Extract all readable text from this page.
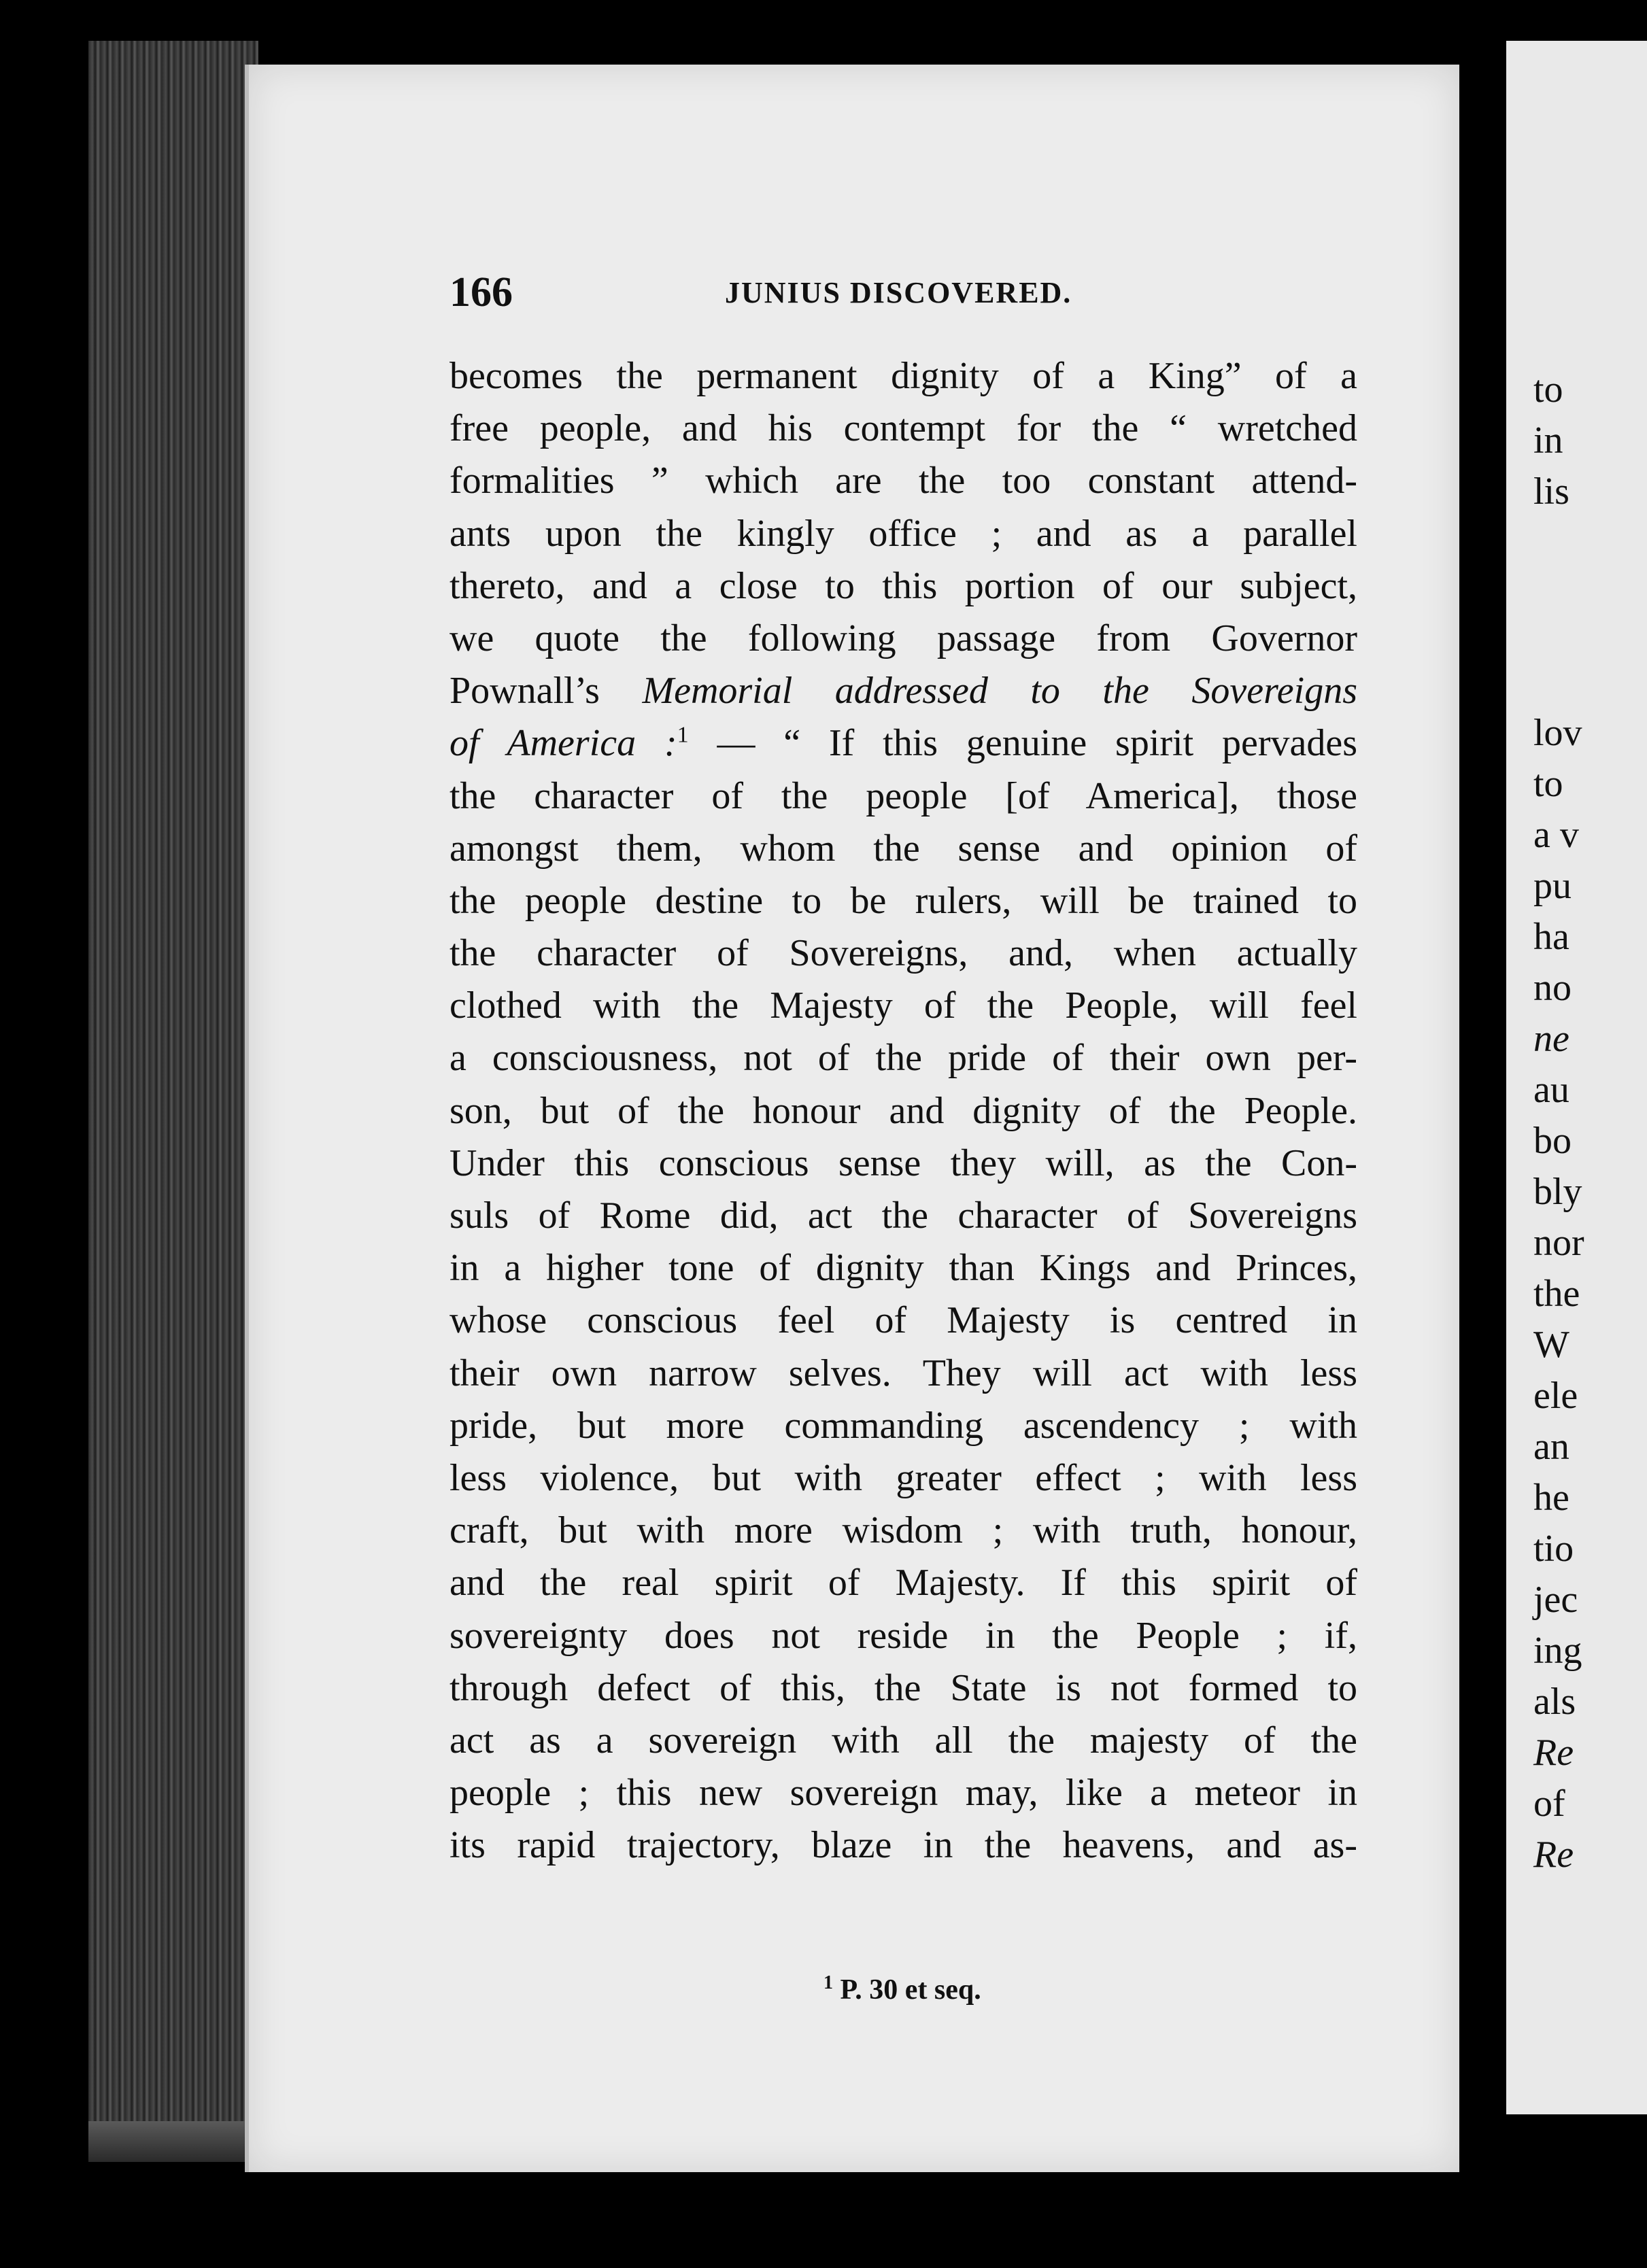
166	JUNIUS DISCOVERED.
becomes the permanent dignity of a King” of a
free people, and his contempt for the “ wretched
formalities ” which are the too constant attend-
ants upon the kingly office ; and as a parallel
thereto, and a close to this portion of our subject,
we quote the following passage from Governor
Pownall’s Memorial addressed to the Sovereigns
of America :$^1$ — “ If this genuine spirit pervades
the character of the people [of America], those
amongst them, whom the sense and opinion of
the people destine to be rulers, will be trained to
the character of Sovereigns, and, when actually
clothed with the Majesty of the People, will feel
a consciousness, not of the pride of their own per-
son, but of the honour and dignity of the People.
Under this conscious sense they will, as the Con-
suls of Rome did, act the character of Sovereigns
in a higher tone of dignity than Kings and Princes,
whose conscious feel of Majesty is centred in
their own narrow selves. They will act with less
pride, but more commanding ascendency ; with
less violence, but with greater effect ; with less
craft, but with more wisdom ; with truth, honour,
and the real spirit of Majesty. If this spirit of
sovereignty does not reside in the People ; if,
through defect of this, the State is not formed to
act as a sovereign with all the majesty of the
people ; this new sovereign may, like a meteor in
its rapid trajectory, blaze in the heavens, and as-
$^1$ P. 30 et seq.
to
in
lis
lov
to
a v
pu
ha
no
ne
au
bo
bly
nor
the
W
ele
an
he
tio
jec
ing
als
Re
of
Re
